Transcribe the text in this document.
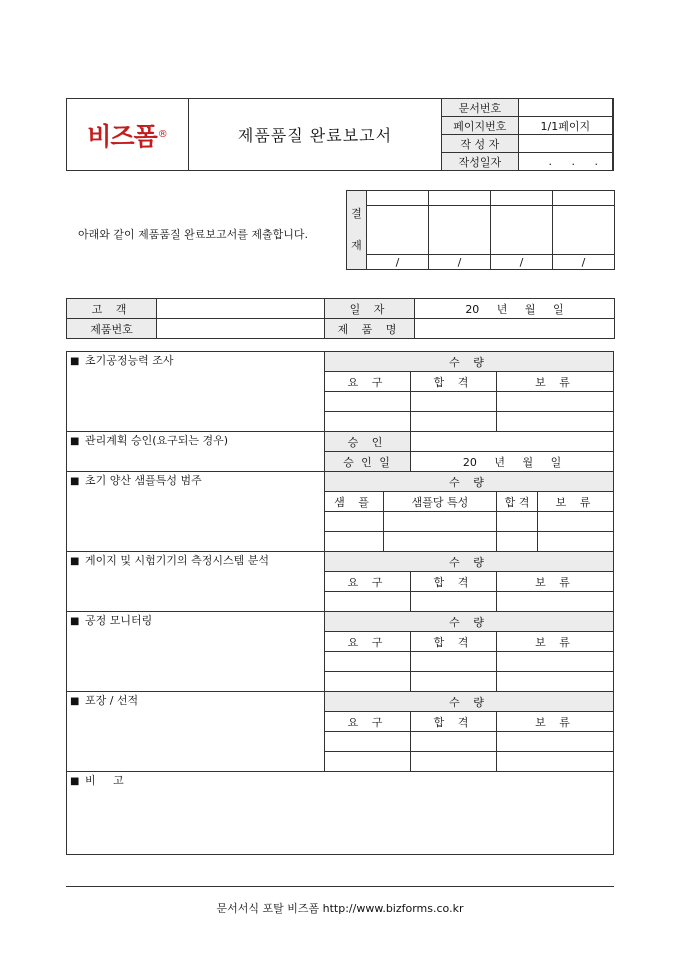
비즈폼 ®	제품품질 완료보고서
문서번호	
페이지번호	1/1페이지
작 성 자	
작성일자	. . .
아래와 같이 제품품질 완료보고서를 제출합니다.
결

재				

	/	/	/	/
고 객		일 자	20 년 월 일
제품번호		제 품 명	
■ 초기공정능력 조사	수 량				
	요 구		합 격	보 류	

■ 관리계획 승인(요구되는 경우)	승 인				
	승 인 일		20 년 월 일		
■ 초기 양산 샘플특성 범주	수 량				
	샘 플	샘플당 특성		합 격	보 류

■ 게이지 및 시험기기의 측정시스템 분석	수 량				
	요 구		합 격	보 류	

■ 공정 모니터링	수 량				
	요 구		합 격	보 류	

■ 포장 / 선적	수 량				
	요 구		합 격	보 류	

■ 비 고					
문서서식 포탈 비즈폼 http://www.bizforms.co.kr
